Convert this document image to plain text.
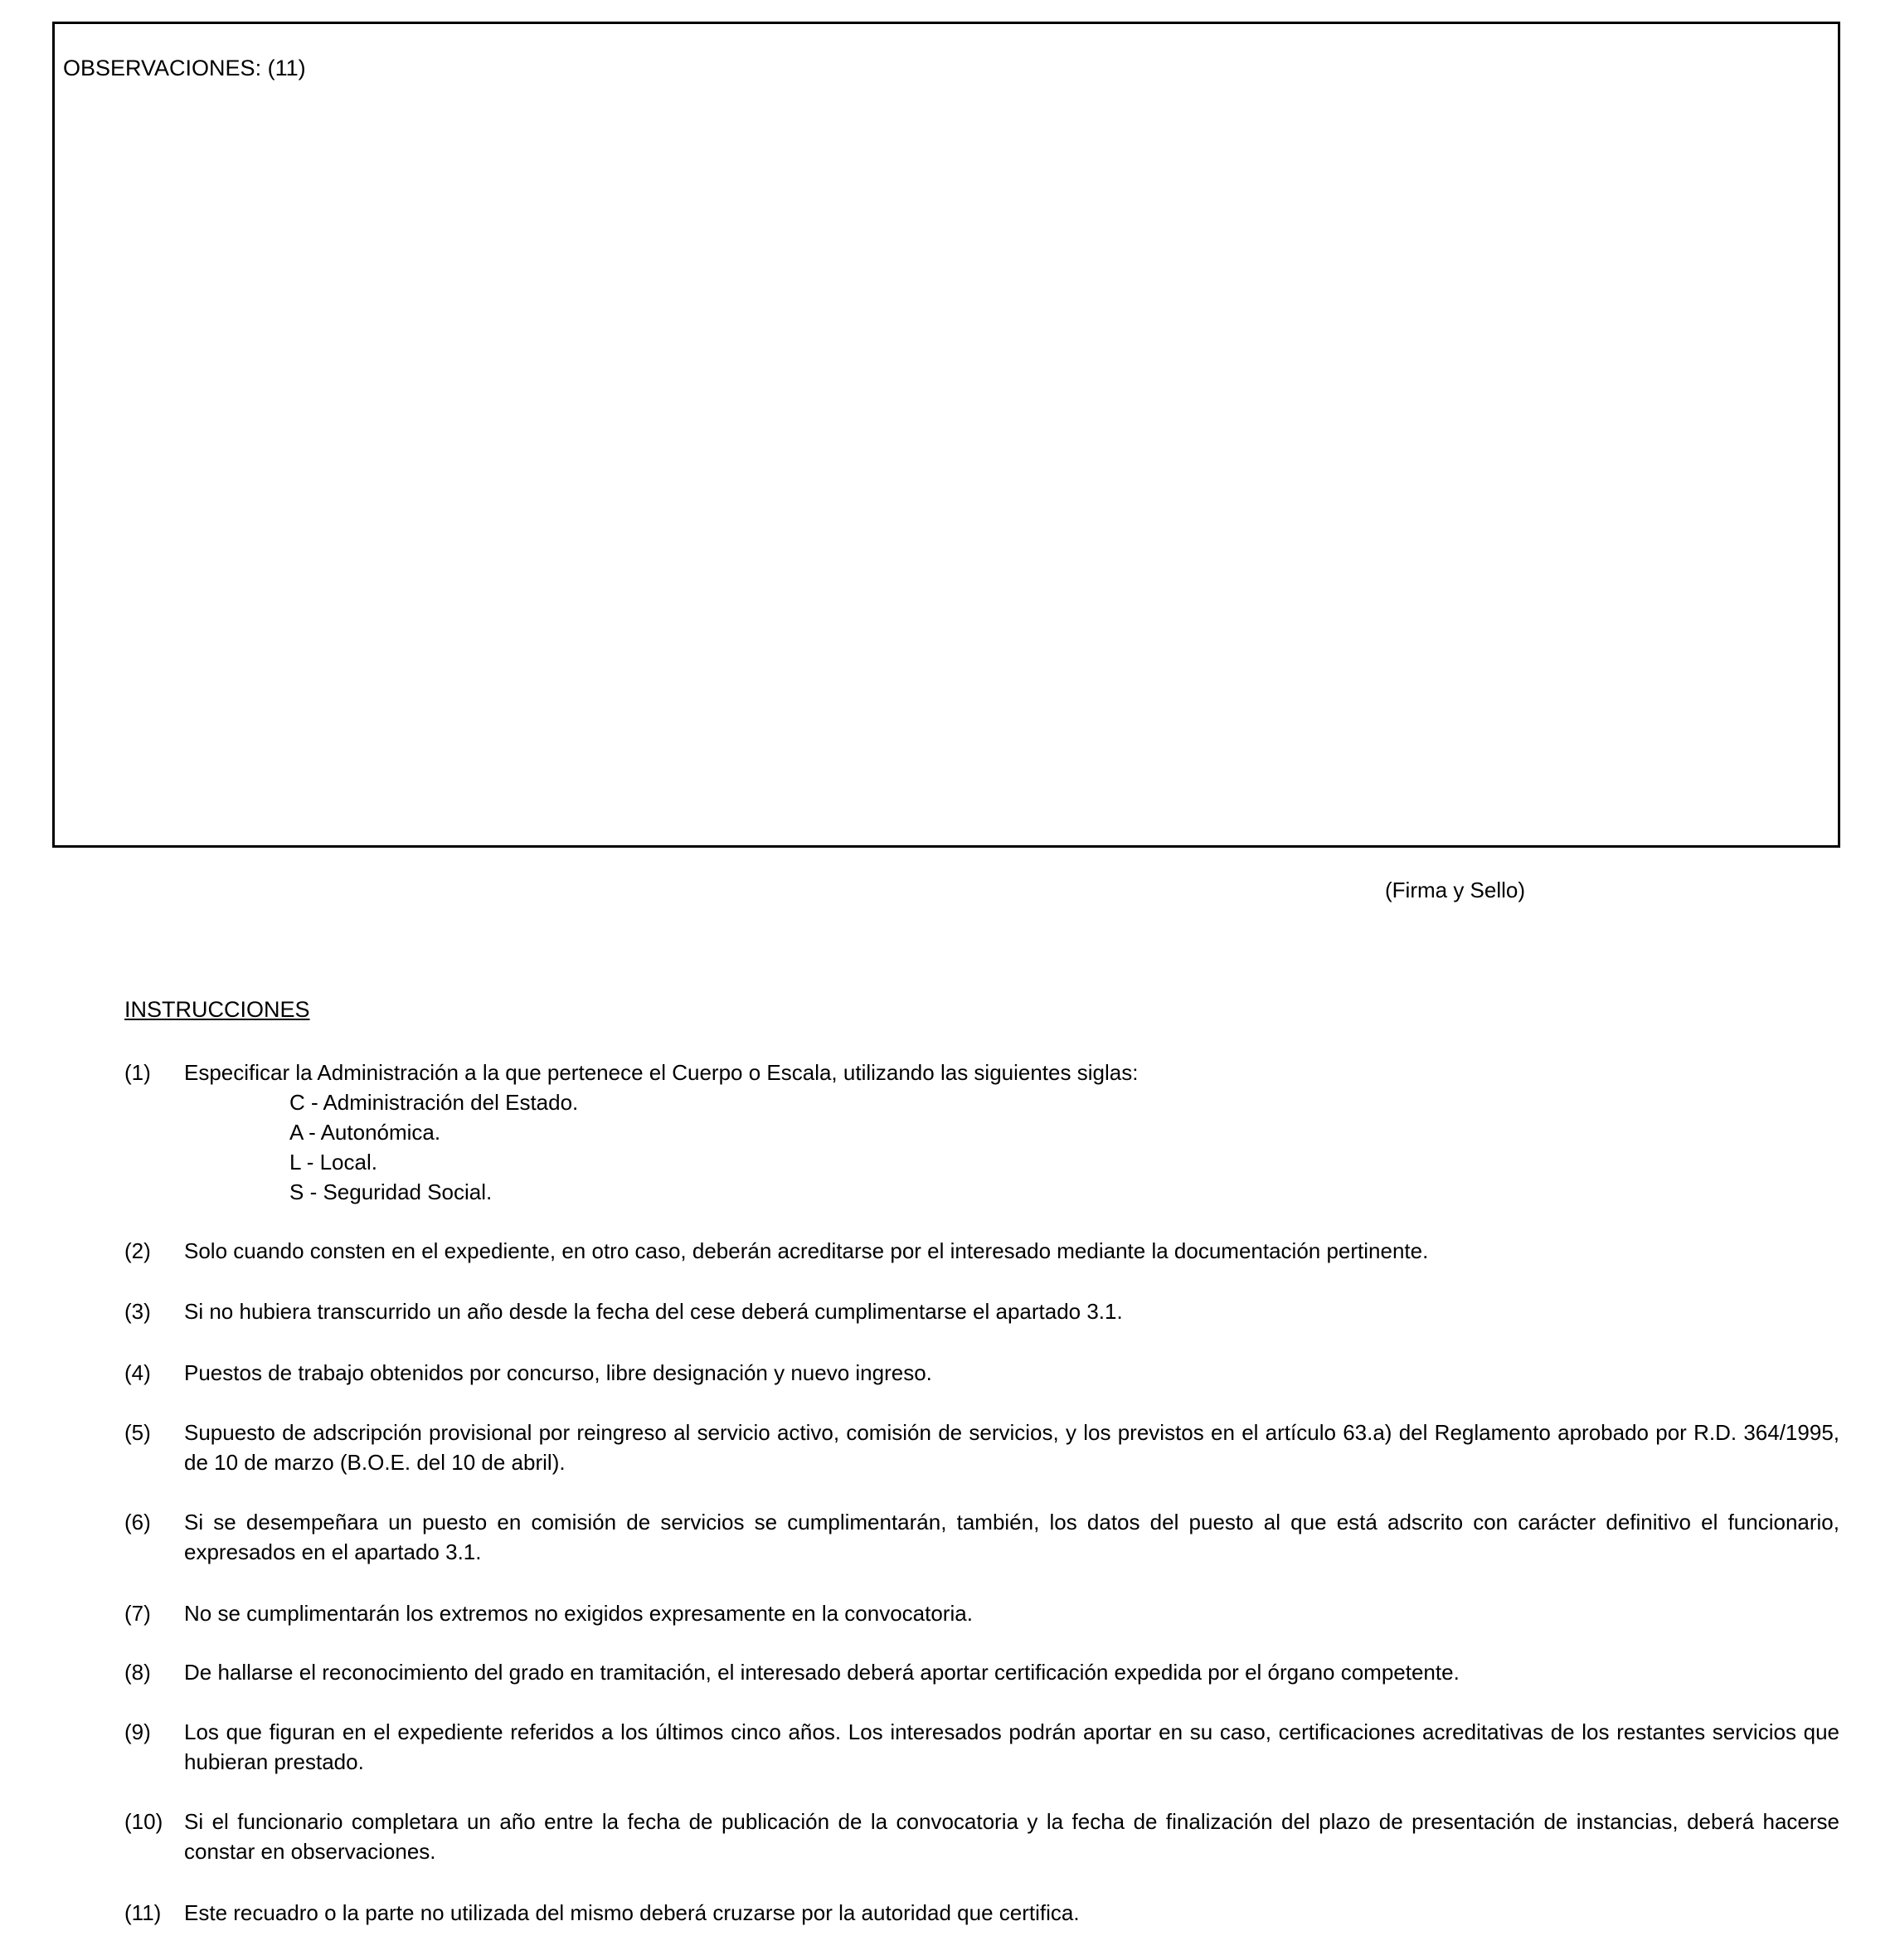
OBSERVACIONES: (11)
(Firma y Sello)
INSTRUCCIONES
(1) Especificar la Administración a la que pertenece el Cuerpo o Escala, utilizando las siguientes siglas:
C - Administración del Estado.
A - Autonómica.
L - Local.
S - Seguridad Social.
(2) Solo cuando consten en el expediente, en otro caso, deberán acreditarse por el interesado mediante la documentación pertinente.
(3) Si no hubiera transcurrido un año desde la fecha del cese deberá cumplimentarse el apartado 3.1.
(4) Puestos de trabajo obtenidos por concurso, libre designación y nuevo ingreso.
(5) Supuesto de adscripción provisional por reingreso al servicio activo, comisión de servicios, y los previstos en el artículo 63.a) del Reglamento aprobado por R.D. 364/1995, de 10 de marzo (B.O.E. del 10 de abril).
(6) Si se desempeñara un puesto en comisión de servicios se cumplimentarán, también, los datos del puesto al que está adscrito con carácter definitivo el funcionario, expresados en el apartado 3.1.
(7) No se cumplimentarán los extremos no exigidos expresamente en la convocatoria.
(8) De hallarse el reconocimiento del grado en tramitación, el interesado deberá aportar certificación expedida por el órgano competente.
(9) Los que figuran en el expediente referidos a los últimos cinco años. Los interesados podrán aportar en su caso, certificaciones acreditativas de los restantes servicios que hubieran prestado.
(10) Si el funcionario completara un año entre la fecha de publicación de la convocatoria y la fecha de finalización del plazo de presentación de instancias, deberá hacerse constar en observaciones.
(11) Este recuadro o la parte no utilizada del mismo deberá cruzarse por la autoridad que certifica.
